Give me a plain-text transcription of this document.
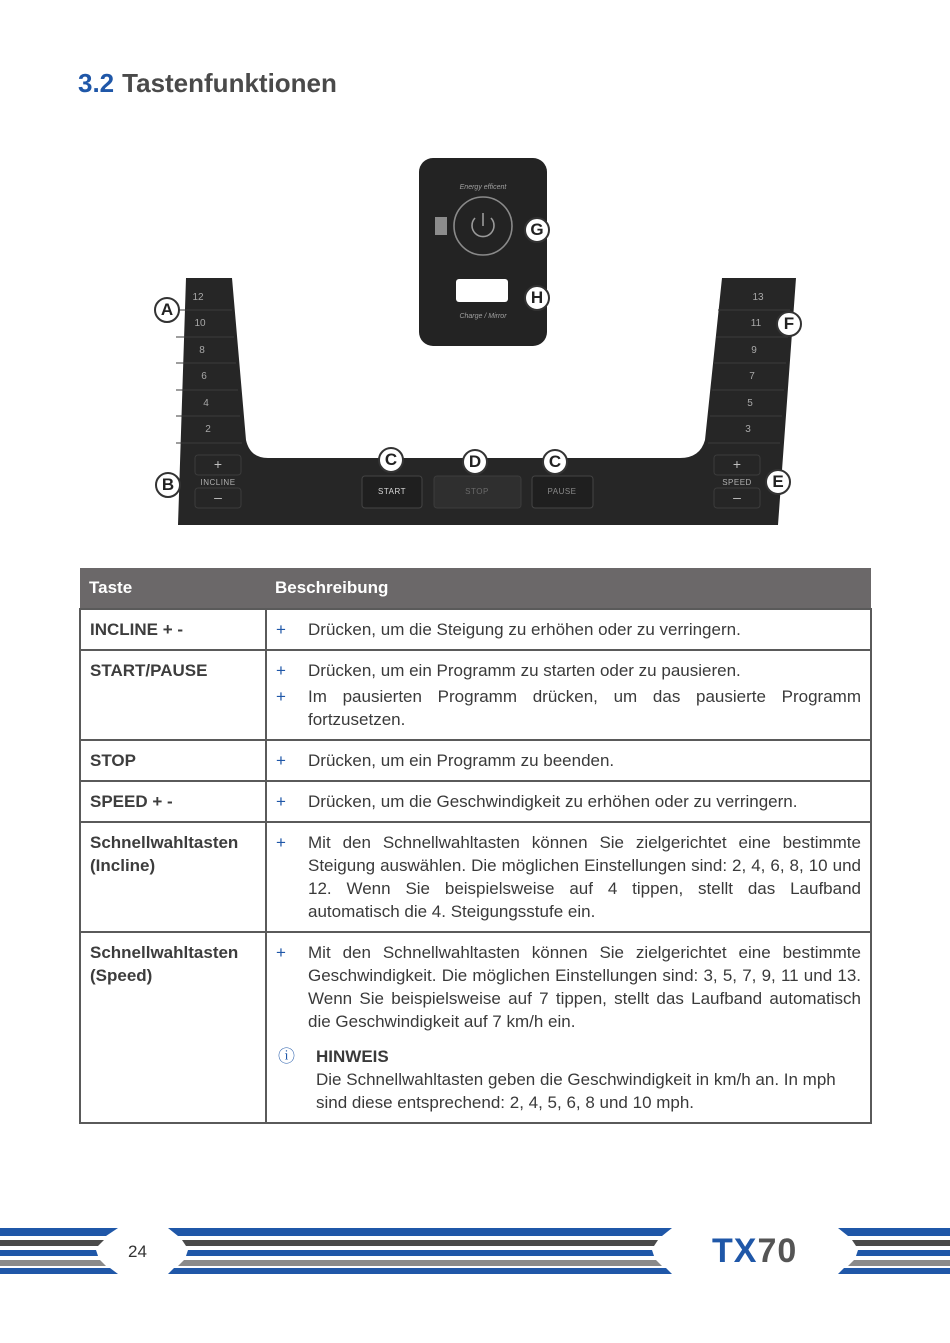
3.2 Tastenfunktionen
12
10
8
6
4
2
13
11
9
7
5
3
+
INCLINE
–
+
SPEED
–
START	STOP	PAUSE
Energy efficent
Charge / Mirror
A
B
C	D	C
E
F
G
H
Taste	Beschreibung
INCLINE + -	+ Drücken, um die Steigung zu erhöhen oder zu verringern.

START/PAUSE	+ Drücken, um ein Programm zu starten oder zu pausieren.
+ Im pausierten Programm drücken, um das pausierte Programm fortzusetzen.

STOP	+ Drücken, um ein Programm zu beenden.

SPEED + -	+ Drücken, um die Geschwindigkeit zu erhöhen oder zu verringern.

Schnellwahltasten (Incline)	+ Mit den Schnellwahltasten können Sie zielgerichtet eine bestimmte Steigung auswählen. Die möglichen Einstellungen sind: 2, 4, 6, 8, 10 und 12. Wenn Sie beispielsweise auf 4 tippen, stellt das Laufband automatisch die 4. Steigungsstufe ein.

Schnellwahltasten (Speed)	+ Mit den Schnellwahltasten können Sie zielgerichtet eine bestimmte Geschwindigkeit. Die möglichen Einstellungen sind: 3, 5, 7, 9, 11 und 13. Wenn Sie beispielsweise auf 7 tippen, stellt das Laufband automatisch die Geschwindigkeit auf 7 km/h ein.
ⓘ HINWEIS
Die Schnellwahltasten geben die Geschwindigkeit in km/h an. In mph sind diese entsprechend: 2, 4, 5, 6, 8 und 10 mph.
24	TX70
